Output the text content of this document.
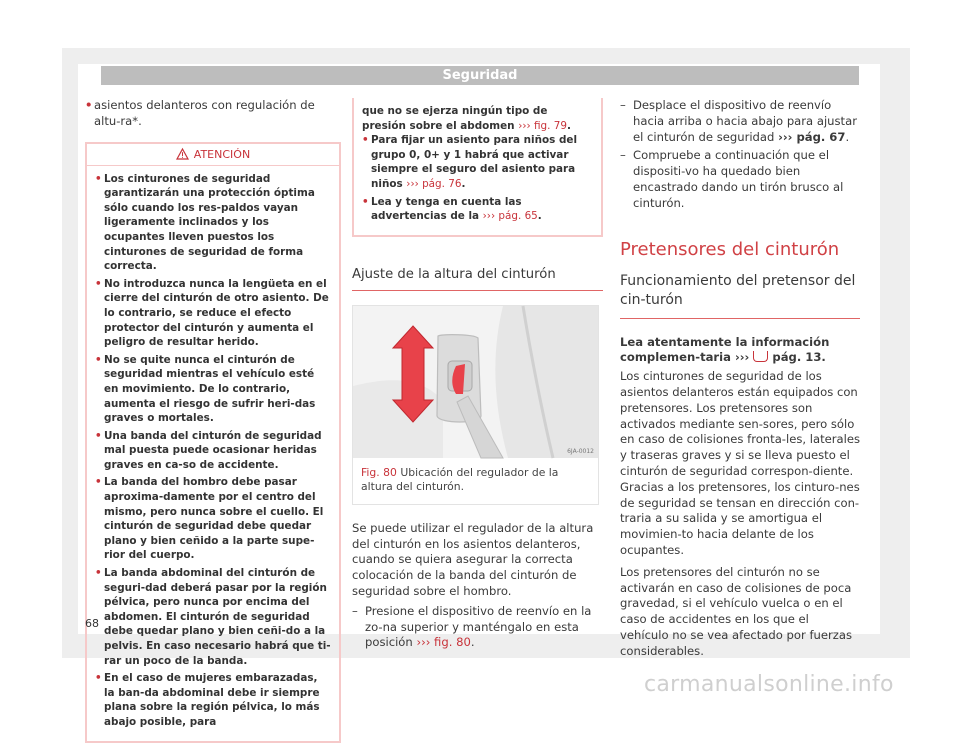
Seguridad
• asientos delanteros con regulación de altu-ra*.
ATENCIÓN
• Los cinturones de seguridad garantizarán una protección óptima sólo cuando los res-paldos vayan ligeramente inclinados y los ocupantes lleven puestos los cinturones de seguridad de forma correcta.
• No introduzca nunca la lengüeta en el cierre del cinturón de otro asiento. De lo contrario, se reduce el efecto protector del cinturón y aumenta el peligro de resultar herido.
• No se quite nunca el cinturón de seguridad mientras el vehículo esté en movimiento. De lo contrario, aumenta el riesgo de sufrir heri-das graves o mortales.
• Una banda del cinturón de seguridad mal puesta puede ocasionar heridas graves en ca-so de accidente.
• La banda del hombro debe pasar aproxima-damente por el centro del mismo, pero nunca sobre el cuello. El cinturón de seguridad debe quedar plano y bien ceñido a la parte supe-rior del cuerpo.
• La banda abdominal del cinturón de seguri-dad deberá pasar por la región pélvica, pero nunca por encima del abdomen. El cinturón de seguridad debe quedar plano y bien ceñi-do a la pelvis. En caso necesario habrá que ti-rar un poco de la banda.
• En el caso de mujeres embarazadas, la ban-da abdominal debe ir siempre plana sobre la región pélvica, lo más abajo posible, para
que no se ejerza ningún tipo de presión sobre el abdomen ››› fig. 79.
• Para fijar un asiento para niños del grupo 0, 0+ y 1 habrá que activar siempre el seguro del asiento para niños ››› pág. 76.
• Lea y tenga en cuenta las advertencias de la ››› pág. 65.
Ajuste de la altura del cinturón
6JA-0012
Fig. 80 Ubicación del regulador de la altura del cinturón.
Se puede utilizar el regulador de la altura del cinturón en los asientos delanteros, cuando se quiera asegurar la correcta colocación de la banda del cinturón de seguridad sobre el hombro.
– Presione el dispositivo de reenvío en la zo-na superior y manténgalo en esta posición ››› fig. 80.
– Desplace el dispositivo de reenvío hacia arriba o hacia abajo para ajustar el cinturón de seguridad ››› pág. 67.
– Compruebe a continuación que el dispositi-vo ha quedado bien encastrado dando un tirón brusco al cinturón.
Pretensores del cinturón
Funcionamiento del pretensor del cin-turón
Lea atentamente la información complemen-taria ››› pág. 13.
Los cinturones de seguridad de los asientos delanteros están equipados con pretensores. Los pretensores son activados mediante sen-sores, pero sólo en caso de colisiones fronta-les, laterales y traseras graves y si se lleva puesto el cinturón de seguridad correspon-diente. Gracias a los pretensores, los cinturo-nes de seguridad se tensan en dirección con-traria a su salida y se amortigua el movimien-to hacia delante de los ocupantes.
Los pretensores del cinturón no se activarán en caso de colisiones de poca gravedad, si el vehículo vuelca o en el caso de accidentes en los que el vehículo no se vea afectado por fuerzas considerables.
68
carmanualsonline.info
